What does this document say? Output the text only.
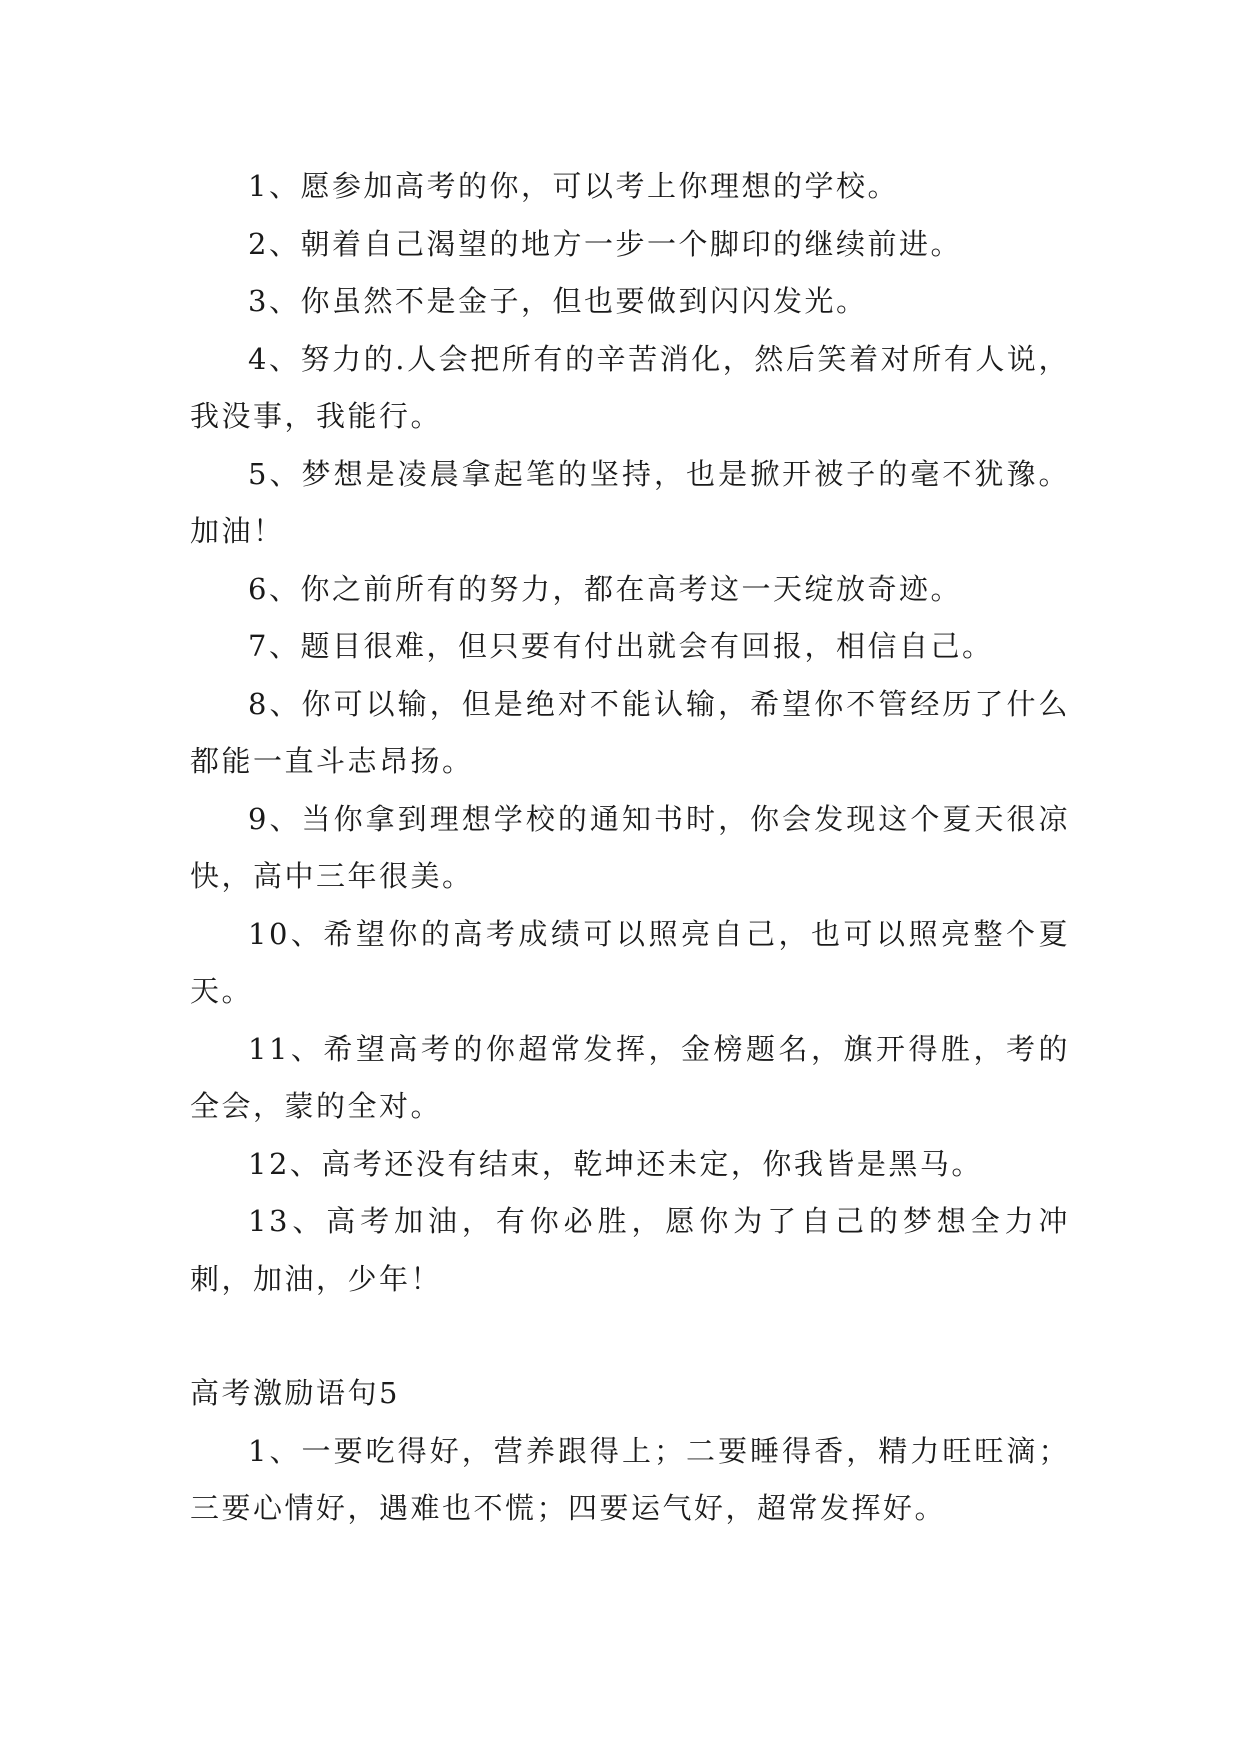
1、愿参加高考的你，可以考上你理想的学校。

2、朝着自己渴望的地方一步一个脚印的继续前进。

3、你虽然不是金子，但也要做到闪闪发光。

4、努力的.人会把所有的辛苦消化，然后笑着对所有人说，我没事，我能行。

5、梦想是凌晨拿起笔的坚持，也是掀开被子的毫不犹豫。加油！

6、你之前所有的努力，都在高考这一天绽放奇迹。

7、题目很难，但只要有付出就会有回报，相信自己。

8、你可以输，但是绝对不能认输，希望你不管经历了什么都能一直斗志昂扬。

9、当你拿到理想学校的通知书时，你会发现这个夏天很凉快，高中三年很美。

10、希望你的高考成绩可以照亮自己，也可以照亮整个夏天。

11、希望高考的你超常发挥，金榜题名，旗开得胜，考的全会，蒙的全对。

12、高考还没有结束，乾坤还未定，你我皆是黑马。

13、高考加油，有你必胜，愿你为了自己的梦想全力冲刺，加油，少年！

高考激励语句5

1、一要吃得好，营养跟得上；二要睡得香，精力旺旺滴；三要心情好，遇难也不慌；四要运气好，超常发挥好。
